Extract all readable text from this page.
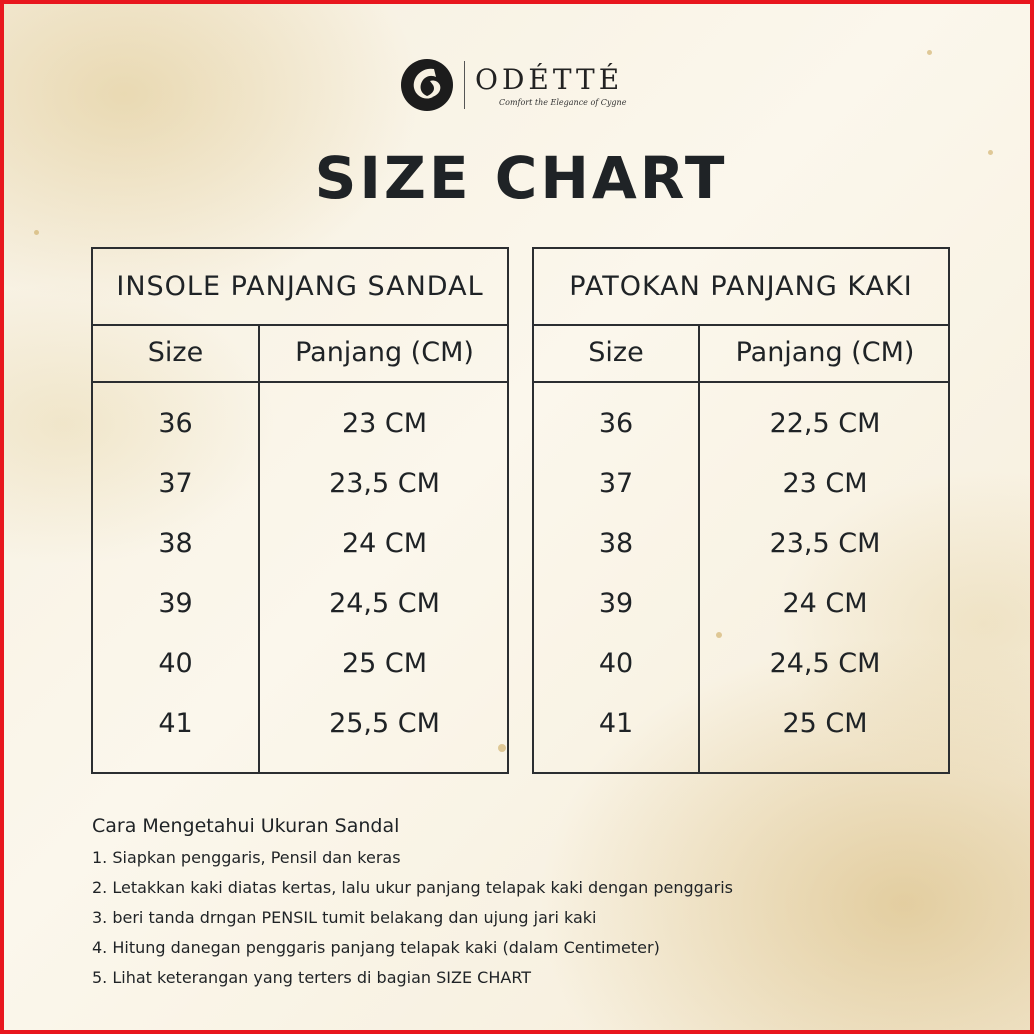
ODÉTTÉ
Comfort the Elegance of Cygne
SIZE CHART
INSOLE PANJANG SANDAL
Size	Panjang (CM)
36	23 CM
37	23,5 CM
38	24 CM
39	24,5 CM
40	25 CM
41	25,5 CM
PATOKAN PANJANG KAKI
Size	Panjang (CM)
36	22,5 CM
37	23 CM
38	23,5 CM
39	24 CM
40	24,5 CM
41	25 CM
Cara Mengetahui Ukuran Sandal
1. Siapkan penggaris, Pensil dan keras
2. Letakkan kaki diatas kertas, lalu ukur panjang telapak kaki dengan penggaris
3. beri tanda drngan PENSIL tumit belakang dan ujung jari kaki
4. Hitung danegan penggaris panjang telapak kaki (dalam Centimeter)
5. Lihat keterangan yang terters di bagian SIZE CHART
